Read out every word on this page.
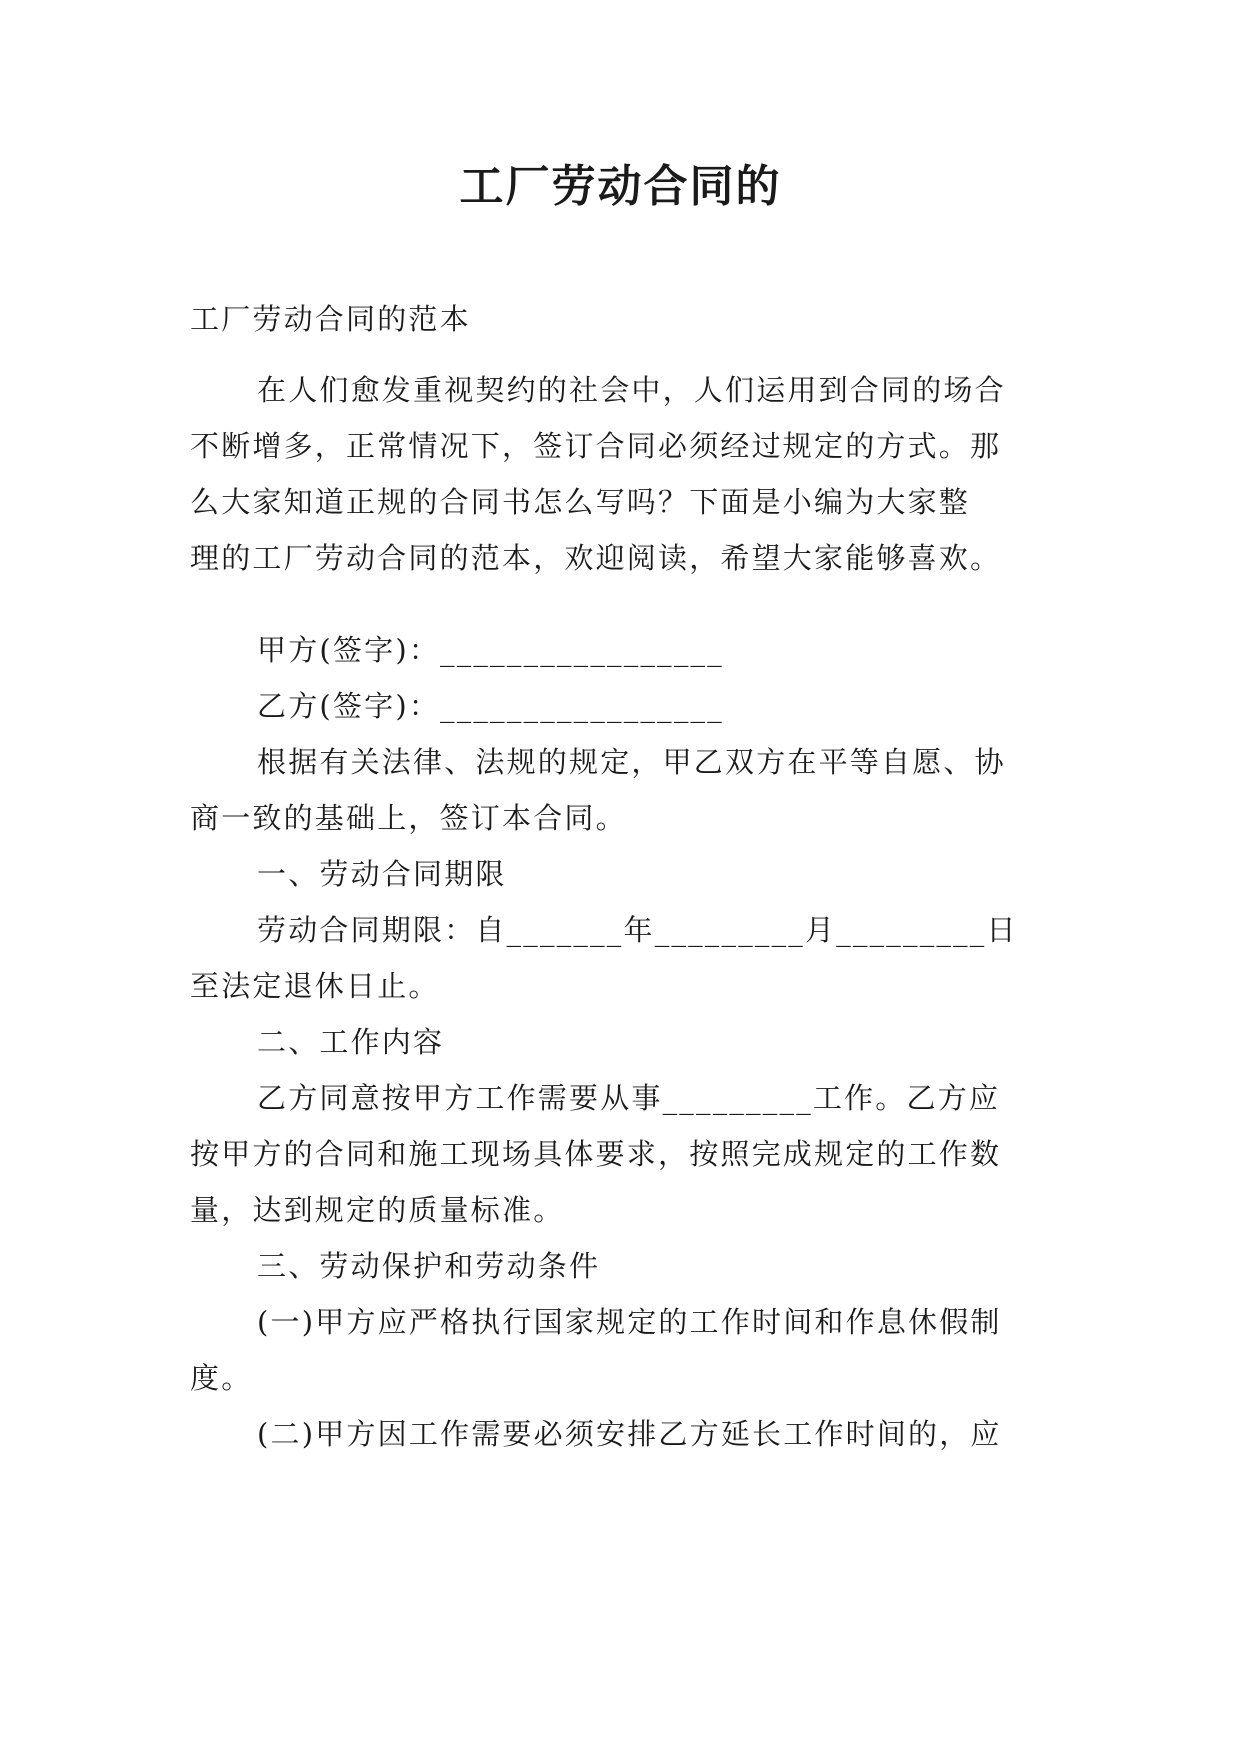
工厂劳动合同的
工厂劳动合同的范本
在人们愈发重视契约的社会中，人们运用到合同的场合
不断增多，正常情况下，签订合同必须经过规定的方式。那
么大家知道正规的合同书怎么写吗？下面是小编为大家整
理的工厂劳动合同的范本，欢迎阅读，希望大家能够喜欢。
甲方(签字)：_________________
乙方(签字)：_________________
根据有关法律、法规的规定，甲乙双方在平等自愿、协
商一致的基础上，签订本合同。
一、劳动合同期限
劳动合同期限：自_______年_________月_________日
至法定退休日止。
二、工作内容
乙方同意按甲方工作需要从事_________工作。乙方应
按甲方的合同和施工现场具体要求，按照完成规定的工作数
量，达到规定的质量标准。
三、劳动保护和劳动条件
(一)甲方应严格执行国家规定的工作时间和作息休假制
度。
(二)甲方因工作需要必须安排乙方延长工作时间的，应
